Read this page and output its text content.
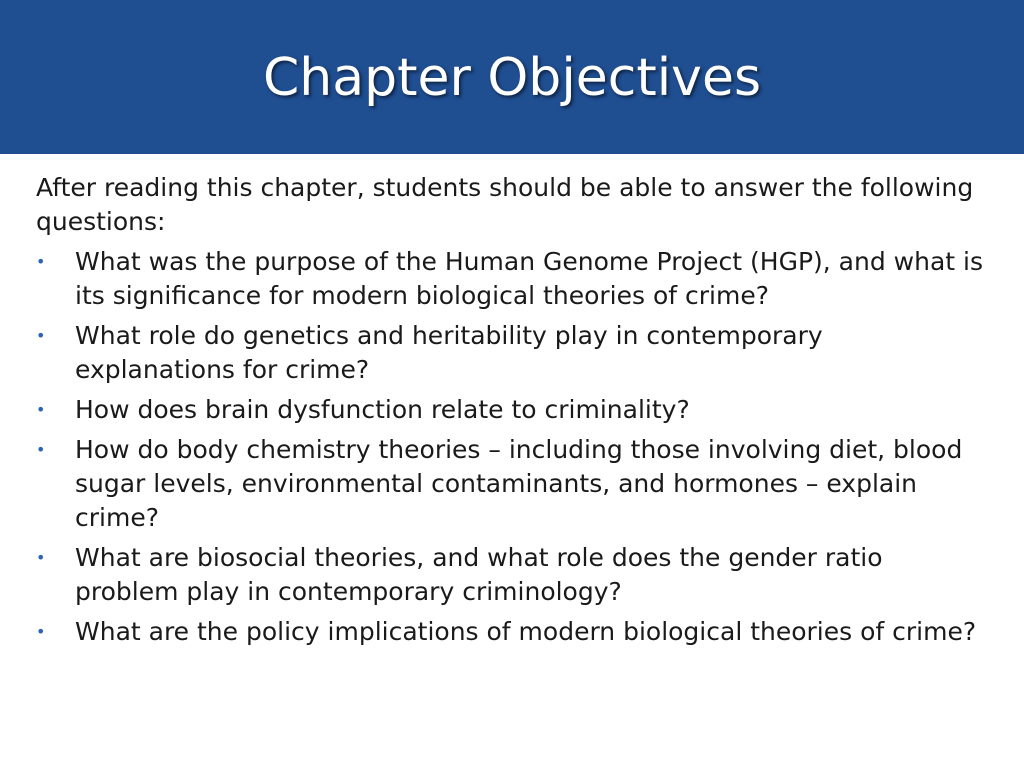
Chapter Objectives

After reading this chapter, students should be able to answer the following questions:

• What was the purpose of the Human Genome Project (HGP), and what is its significance for modern biological theories of crime?
• What role do genetics and heritability play in contemporary explanations for crime?
• How does brain dysfunction relate to criminality?
• How do body chemistry theories – including those involving diet, blood sugar levels, environmental contaminants, and hormones – explain crime?
• What are biosocial theories, and what role does the gender ratio problem play in contemporary criminology?
• What are the policy implications of modern biological theories of crime?
